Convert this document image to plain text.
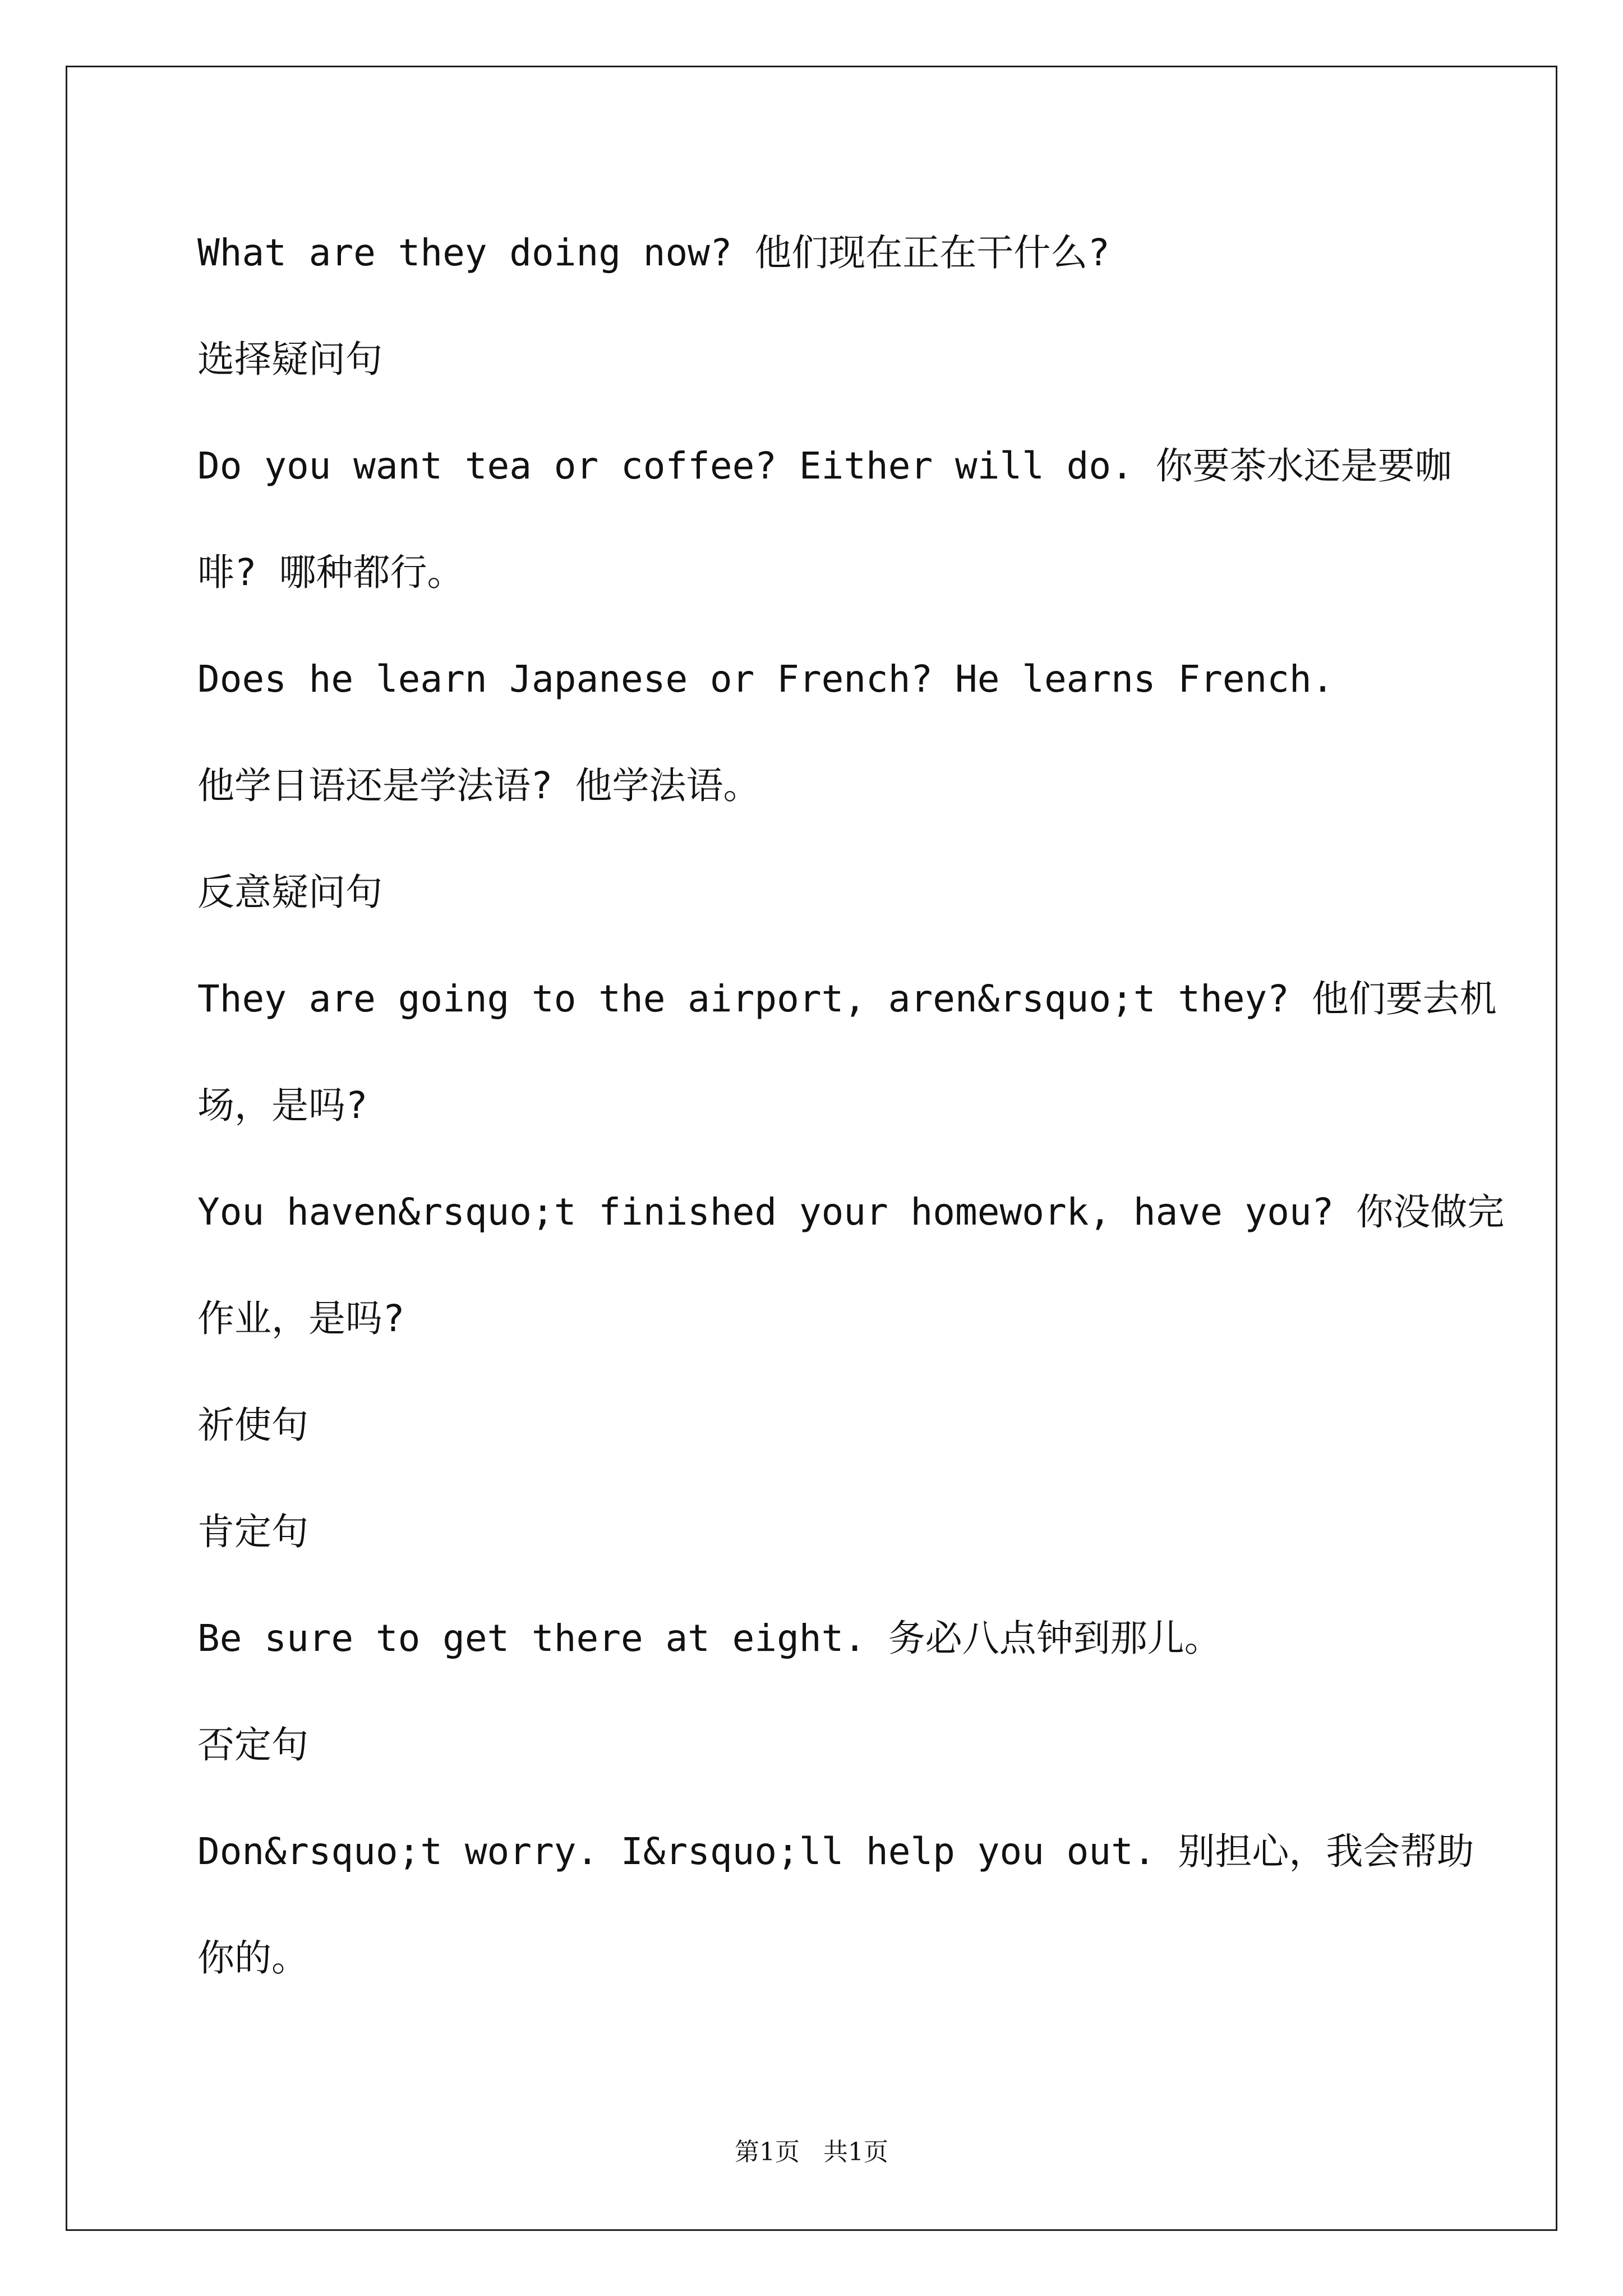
What are they doing now? 他们现在正在干什么?
选择疑问句
Do you want tea or coffee? Either will do. 你要茶水还是要咖
啡? 哪种都行。
Does he learn Japanese or French? He learns French.
他学日语还是学法语? 他学法语。
反意疑问句
They are going to the airport, aren&rsquo;t they? 他们要去机
场，是吗?
You haven&rsquo;t finished your homework, have you? 你没做完
作业，是吗?
祈使句
肯定句
Be sure to get there at eight. 务必八点钟到那儿。
否定句
Don&rsquo;t worry. I&rsquo;ll help you out. 别担心，我会帮助
你的。
第1页   共1页
